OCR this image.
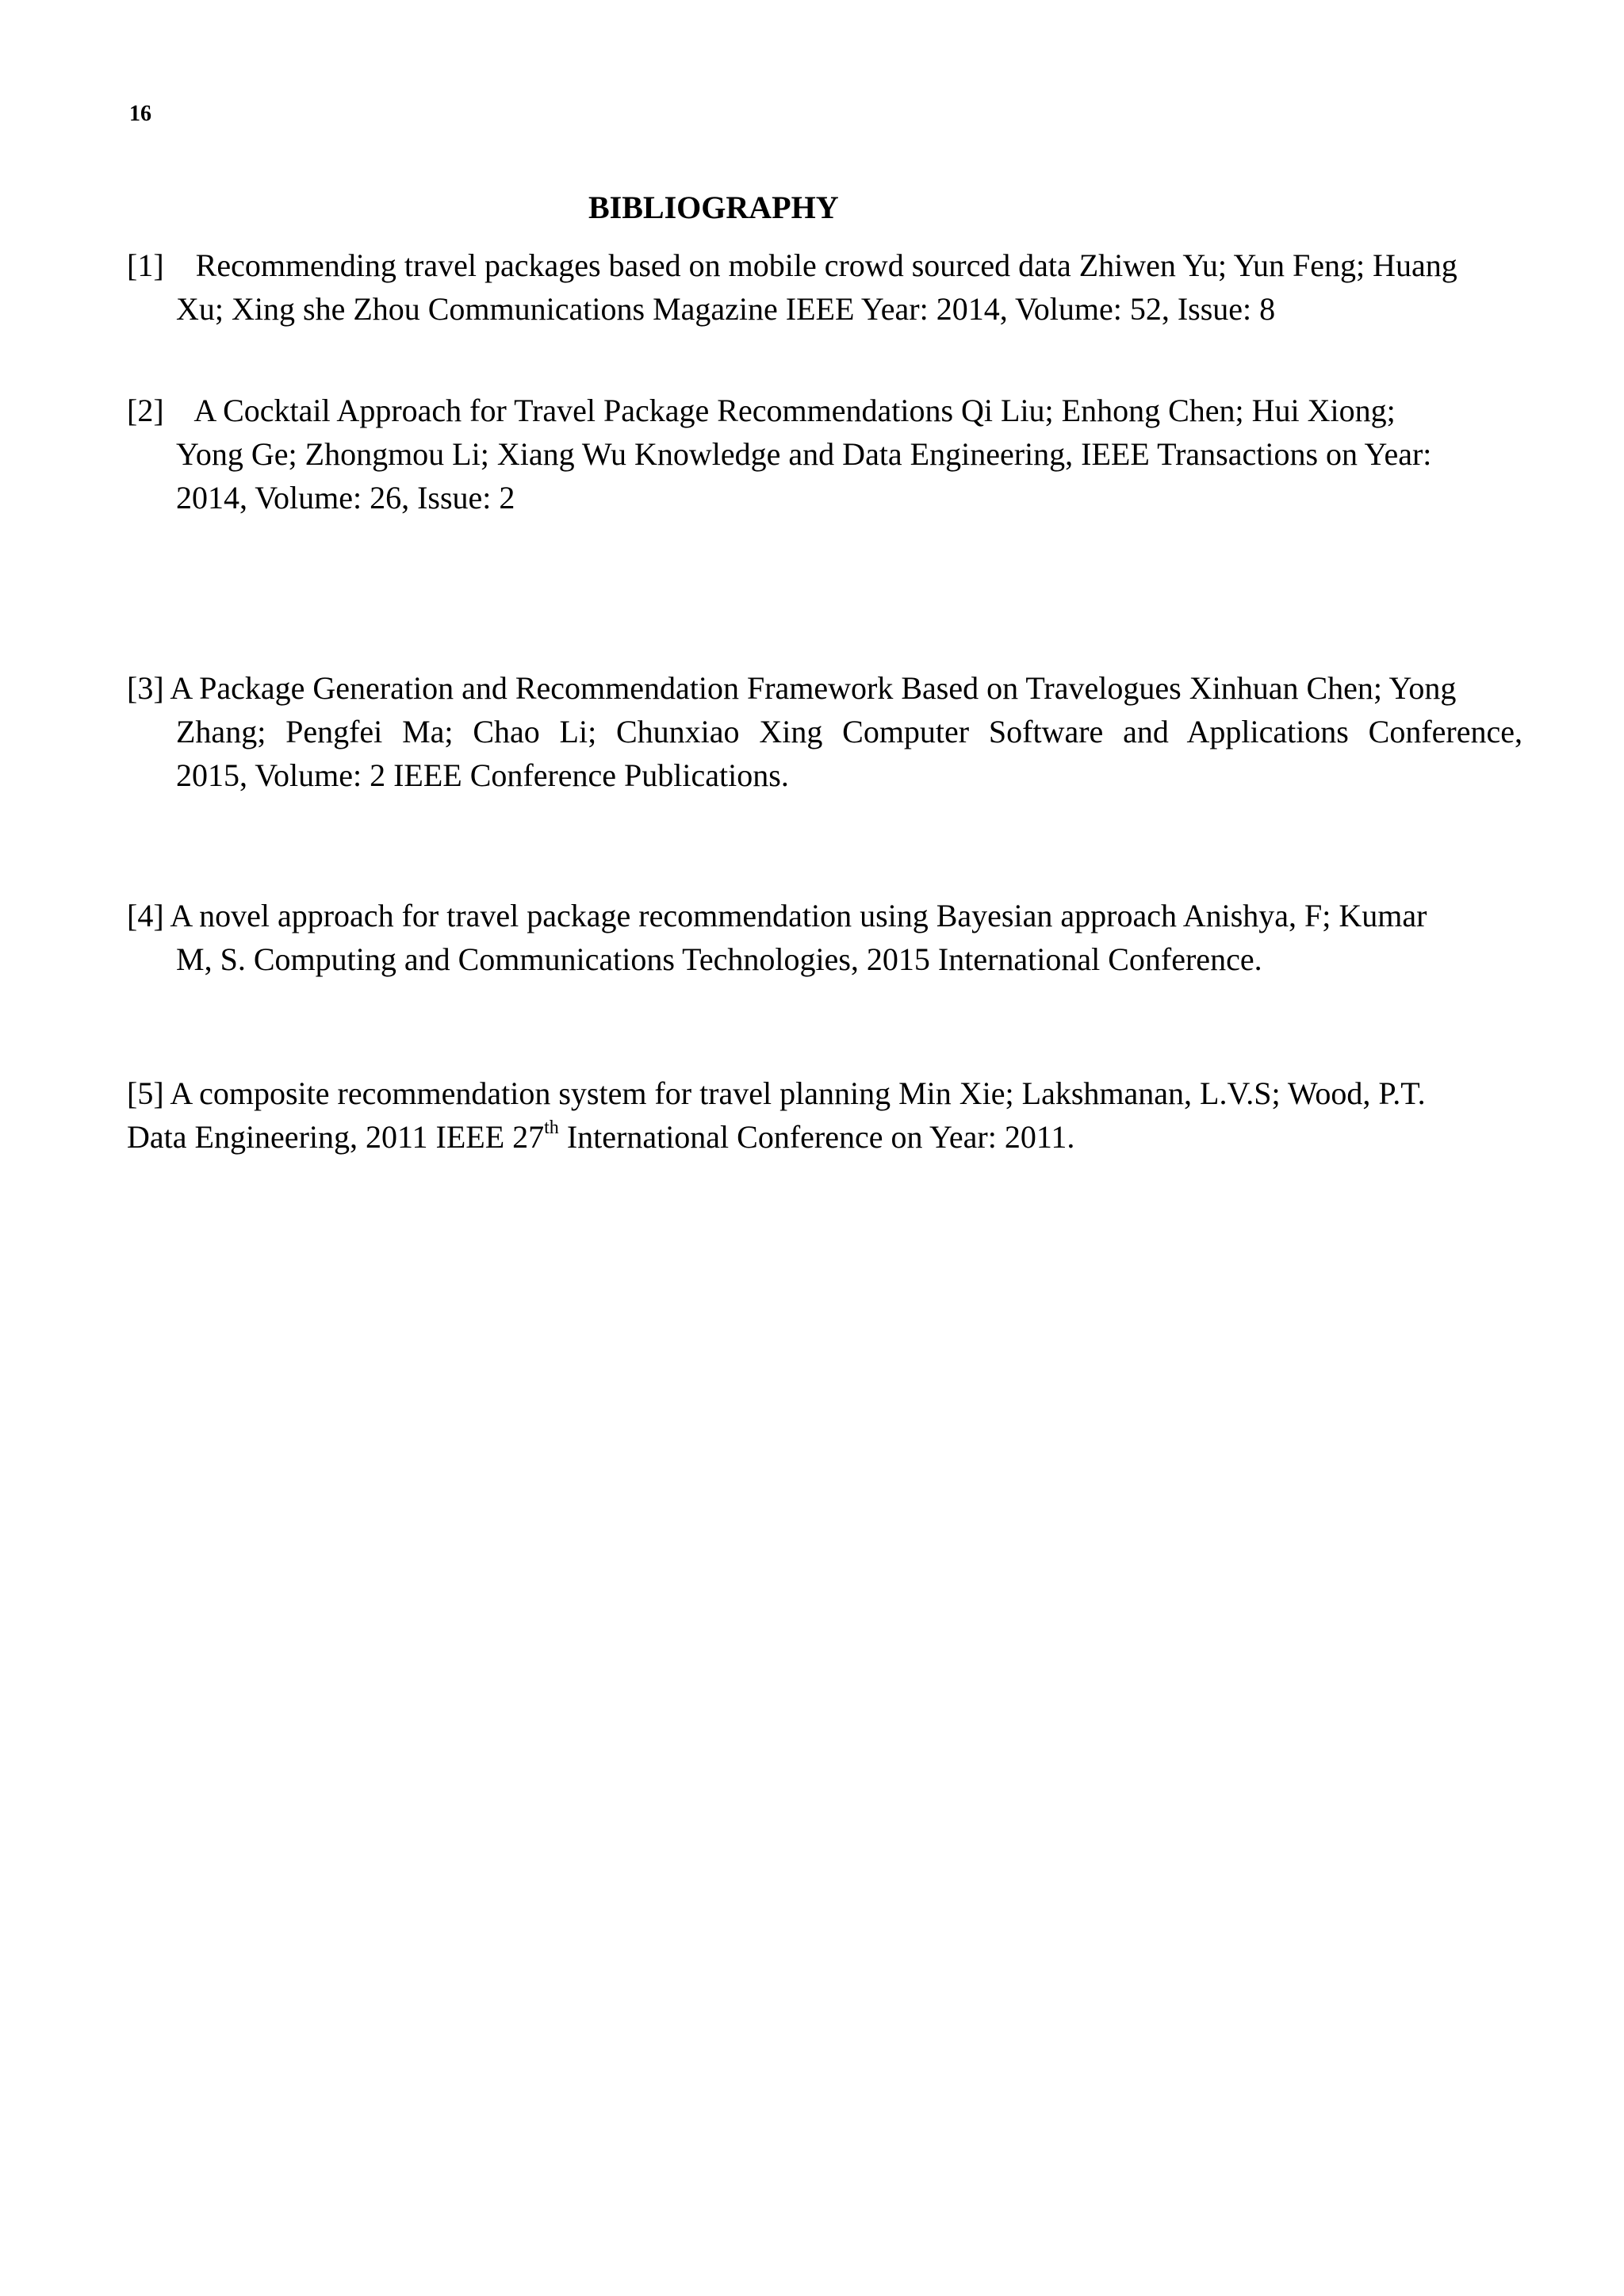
16
BIBLIOGRAPHY
[1]    Recommending travel packages based on mobile crowd sourced data Zhiwen Yu; Yun Feng; Huang
Xu; Xing she Zhou Communications Magazine IEEE Year: 2014, Volume: 52, Issue: 8
[2]    A Cocktail Approach for Travel Package Recommendations Qi Liu; Enhong Chen; Hui Xiong;
Yong Ge; Zhongmou Li; Xiang Wu Knowledge and Data Engineering, IEEE Transactions on Year:
2014, Volume: 26, Issue: 2
[3] A Package Generation and Recommendation Framework Based on Travelogues Xinhuan Chen; Yong
Zhang; Pengfei Ma; Chao Li; Chunxiao Xing Computer Software and Applications Conference,
2015, Volume: 2 IEEE Conference Publications.
[4] A novel approach for travel package recommendation using Bayesian approach Anishya, F; Kumar
M, S. Computing and Communications Technologies, 2015 International Conference.
[5] A composite recommendation system for travel planning Min Xie; Lakshmanan, L.V.S; Wood, P.T.
Data Engineering, 2011 IEEE 27th International Conference on Year: 2011.
